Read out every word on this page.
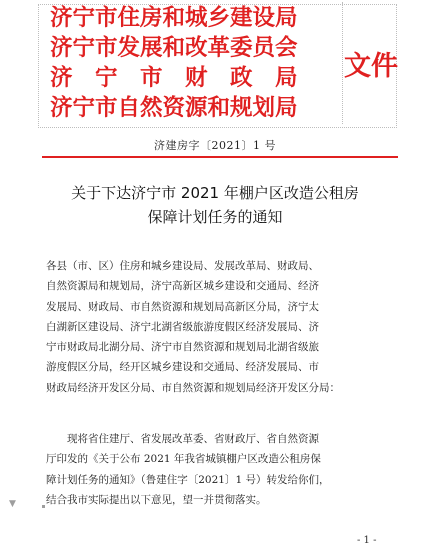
济宁市住房和城乡建设局
济宁市发展和改革委员会
济　宁　市　财　政　局
济宁市自然资源和规划局
文件
济建房字〔2021〕1 号
关于下达济宁市 2021 年棚户区改造公租房
保障计划任务的通知
各县（市、区）住房和城乡建设局、发展改革局、财政局、
自然资源局和规划局，济宁高新区城乡建设和交通局、经济
发展局、财政局、市自然资源和规划局高新区分局，济宁太
白湖新区建设局、济宁北湖省级旅游度假区经济发展局、济
宁市财政局北湖分局、济宁市自然资源和规划局北湖省级旅
游度假区分局，经开区城乡建设和交通局、经济发展局、市
财政局经济开发区分局、市自然资源和规划局经济开发区分局：
　　现将省住建厅、省发展改革委、省财政厅、省自然资源
厅印发的《关于公布 2021 年我省城镇棚户区改造公租房保
障计划任务的通知》（鲁建住字〔2021〕1 号）转发给你们，
结合我市实际提出以下意见，望一并贯彻落实。
▼
- 1 -
